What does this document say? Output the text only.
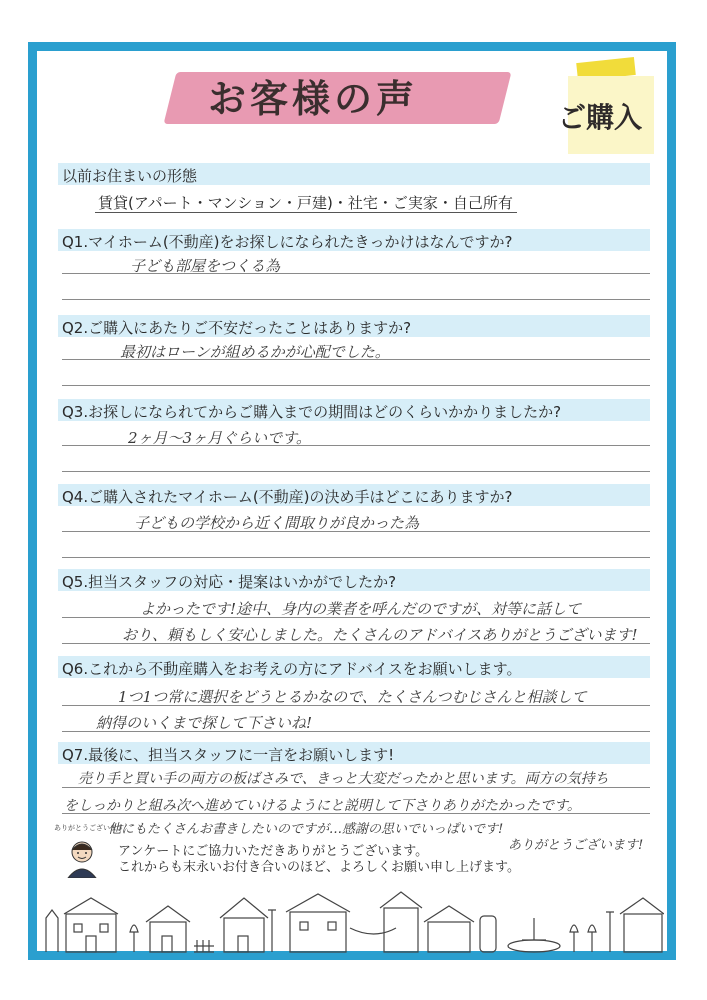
お客様の声	ご購入
以前お住まいの形態
賃貸(アパート・マンション・戸建)・社宅・ご実家・自己所有
Q1.マイホーム(不動産)をお探しになられたきっかけはなんですか?
子ども部屋をつくる為
Q2.ご購入にあたりご不安だったことはありますか?
最初はローンが組めるかが心配でした。
Q3.お探しになられてからご購入までの期間はどのくらいかかりましたか?
2ヶ月〜3ヶ月ぐらいです。
Q4.ご購入されたマイホーム(不動産)の決め手はどこにありますか?
子どもの学校から近く間取りが良かった為
Q5.担当スタッフの対応・提案はいかがでしたか?
よかったです!途中、身内の業者を呼んだのですが、対等に話して
おり、頼もしく安心しました。たくさんのアドバイスありがとうございます!
Q6.これから不動産購入をお考えの方にアドバイスをお願いします。
1つ1つ常に選択をどうとるかなので、たくさんつむじさんと相談して
納得のいくまで探して下さいね!
Q7.最後に、担当スタッフに一言をお願いします!
売り手と買い手の両方の板ばさみで、きっと大変だったかと思います。両方の気持ち
をしっかりと組み次へ進めていけるようにと説明して下さりありがたかったです。
他にもたくさんお書きしたいのですが…感謝の思いでいっぱいです!
ありがとうございます!
ありがとうございます
アンケートにご協力いただきありがとうございます。
これからも末永いお付き合いのほど、よろしくお願い申し上げます。
